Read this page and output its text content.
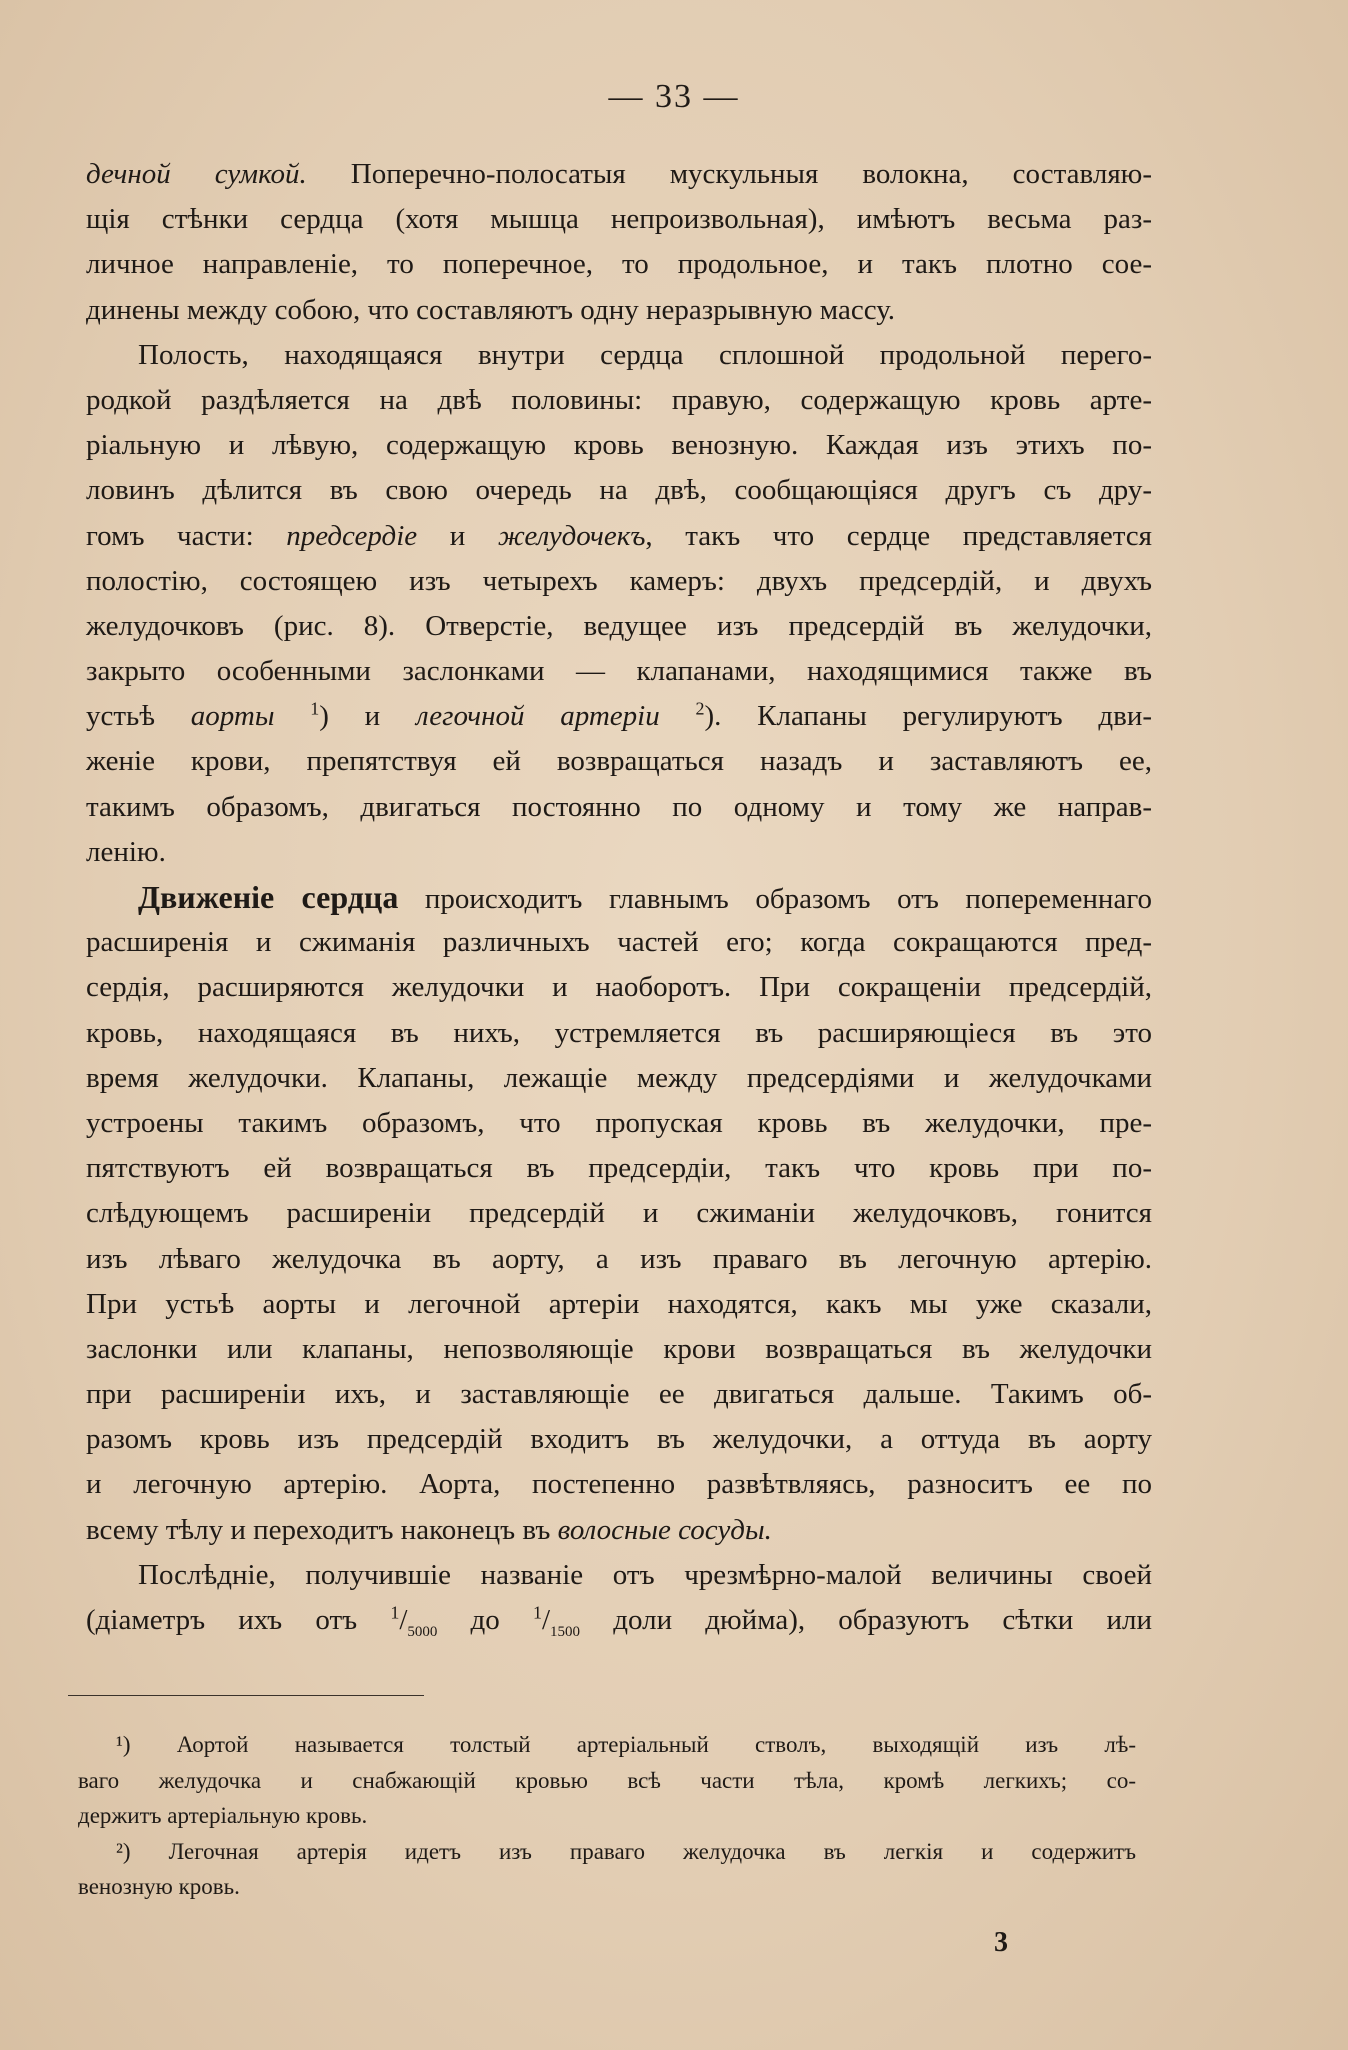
— 33 —
дечной сумкой. Поперечно-полосатыя мускульныя волокна, составляю-
щія стѣнки сердца (хотя мышца непроизвольная), имѣютъ весьма раз-
личное направленіе, то поперечное, то продольное, и такъ плотно сое-
динены между собою, что составляютъ одну неразрывную массу.
Полость, находящаяся внутри сердца сплошной продольной перего-
родкой раздѣляется на двѣ половины: правую, содержащую кровь арте-
ріальную и лѣвую, содержащую кровь венозную. Каждая изъ этихъ по-
ловинъ дѣлится въ свою очередь на двѣ, сообщающіяся другъ съ дру-
гомъ части: предсердіе и желудочекъ, такъ что сердце представляется
полостію, состоящею изъ четырехъ камеръ: двухъ предсердій, и двухъ
желудочковъ (рис. 8). Отверстіе, ведущее изъ предсердій въ желудочки,
закрыто особенными заслонками — клапанами, находящимися также въ
устьѣ аорты $^1$) и легочной артеріи $^2$). Клапаны регулируютъ дви-
женіе крови, препятствуя ей возвращаться назадъ и заставляютъ ее,
такимъ образомъ, двигаться постоянно по одному и тому же направ-
ленію.
Движеніе сердца происходитъ главнымъ образомъ отъ попеременнаго
расширенія и сжиманія различныхъ частей его; когда сокращаются пред-
сердія, расширяются желудочки и наоборотъ. При сокращеніи предсердій,
кровь, находящаяся въ нихъ, устремляется въ расширяющіеся въ это
время желудочки. Клапаны, лежащіе между предсердіями и желудочками
устроены такимъ образомъ, что пропуская кровь въ желудочки, пре-
пятствуютъ ей возвращаться въ предсердіи, такъ что кровь при по-
слѣдующемъ расширеніи предсердій и сжиманіи желудочковъ, гонится
изъ лѣваго желудочка въ аорту, а изъ праваго въ легочную артерію.
При устьѣ аорты и легочной артеріи находятся, какъ мы уже сказали,
заслонки или клапаны, непозволяющіе крови возвращаться въ желудочки
при расширеніи ихъ, и заставляющіе ее двигаться дальше. Такимъ об-
разомъ кровь изъ предсердій входитъ въ желудочки, а оттуда въ аорту
и легочную артерію. Аорта, постепенно развѣтвляясь, разноситъ ее по
всему тѣлу и переходитъ наконецъ въ волосные сосуды.
Послѣдніе, получившіе названіе отъ чрезмѣрно-малой величины своей
(діаметръ ихъ отъ $^1/_{5000}$ до $^1/_{1500}$ доли дюйма), образуютъ сѣтки или
¹) Аортой называется толстый артеріальный стволъ, выходящій изъ лѣ-
ваго желудочка и снабжающій кровью всѣ части тѣла, кромѣ легкихъ; со-
держитъ артеріальную кровь.
²) Легочная артерія идетъ изъ праваго желудочка въ легкія и содержитъ
венозную кровь.
3
